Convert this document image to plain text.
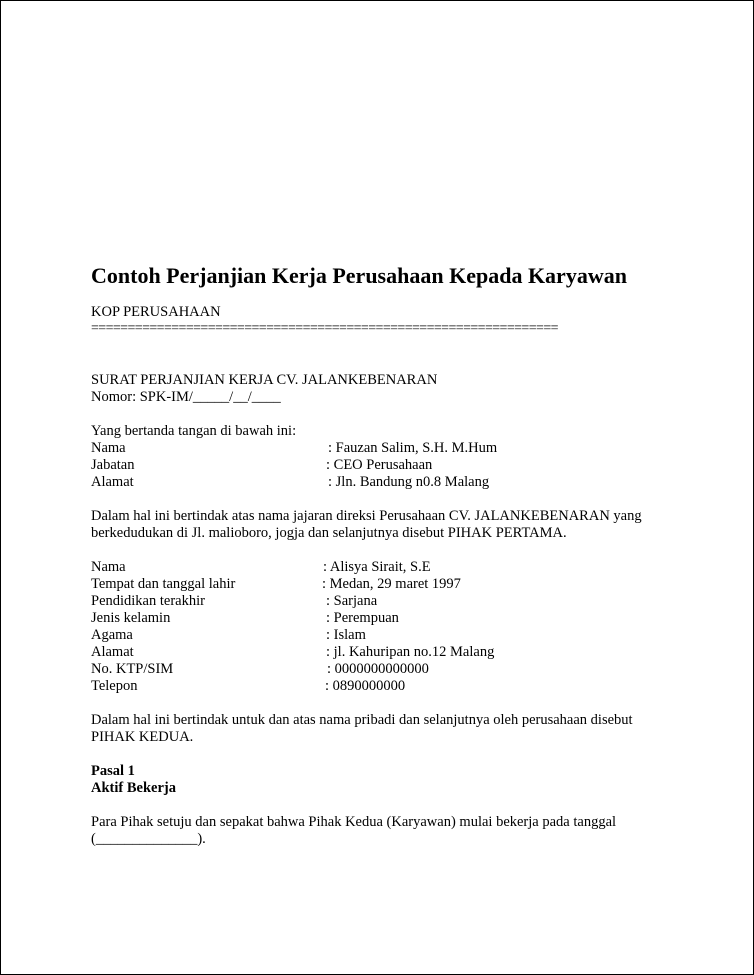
Contoh Perjanjian Kerja Perusahaan Kepada Karyawan
KOP PERUSAHAAN
================================================================
SURAT PERJANJIAN KERJA CV. JALANKEBENARAN
Nomor: SPK-IM/_____/__/____
Yang bertanda tangan di bawah ini:
Nama	: Fauzan Salim, S.H. M.Hum
Jabatan	: CEO Perusahaan
Alamat	: Jln. Bandung n0.8 Malang
Dalam hal ini bertindak atas nama jajaran direksi Perusahaan CV. JALANKEBENARAN yang
berkedudukan di Jl. malioboro, jogja dan selanjutnya disebut PIHAK PERTAMA.
Nama	: Alisya Sirait, S.E
Tempat dan tanggal lahir	: Medan, 29 maret 1997
Pendidikan terakhir	: Sarjana
Jenis kelamin	: Perempuan
Agama	: Islam
Alamat	: jl. Kahuripan no.12 Malang
No. KTP/SIM	: 0000000000000
Telepon	: 0890000000
Dalam hal ini bertindak untuk dan atas nama pribadi dan selanjutnya oleh perusahaan disebut
PIHAK KEDUA.
Pasal 1
Aktif Bekerja
Para Pihak setuju dan sepakat bahwa Pihak Kedua (Karyawan) mulai bekerja pada tanggal
(______________).
